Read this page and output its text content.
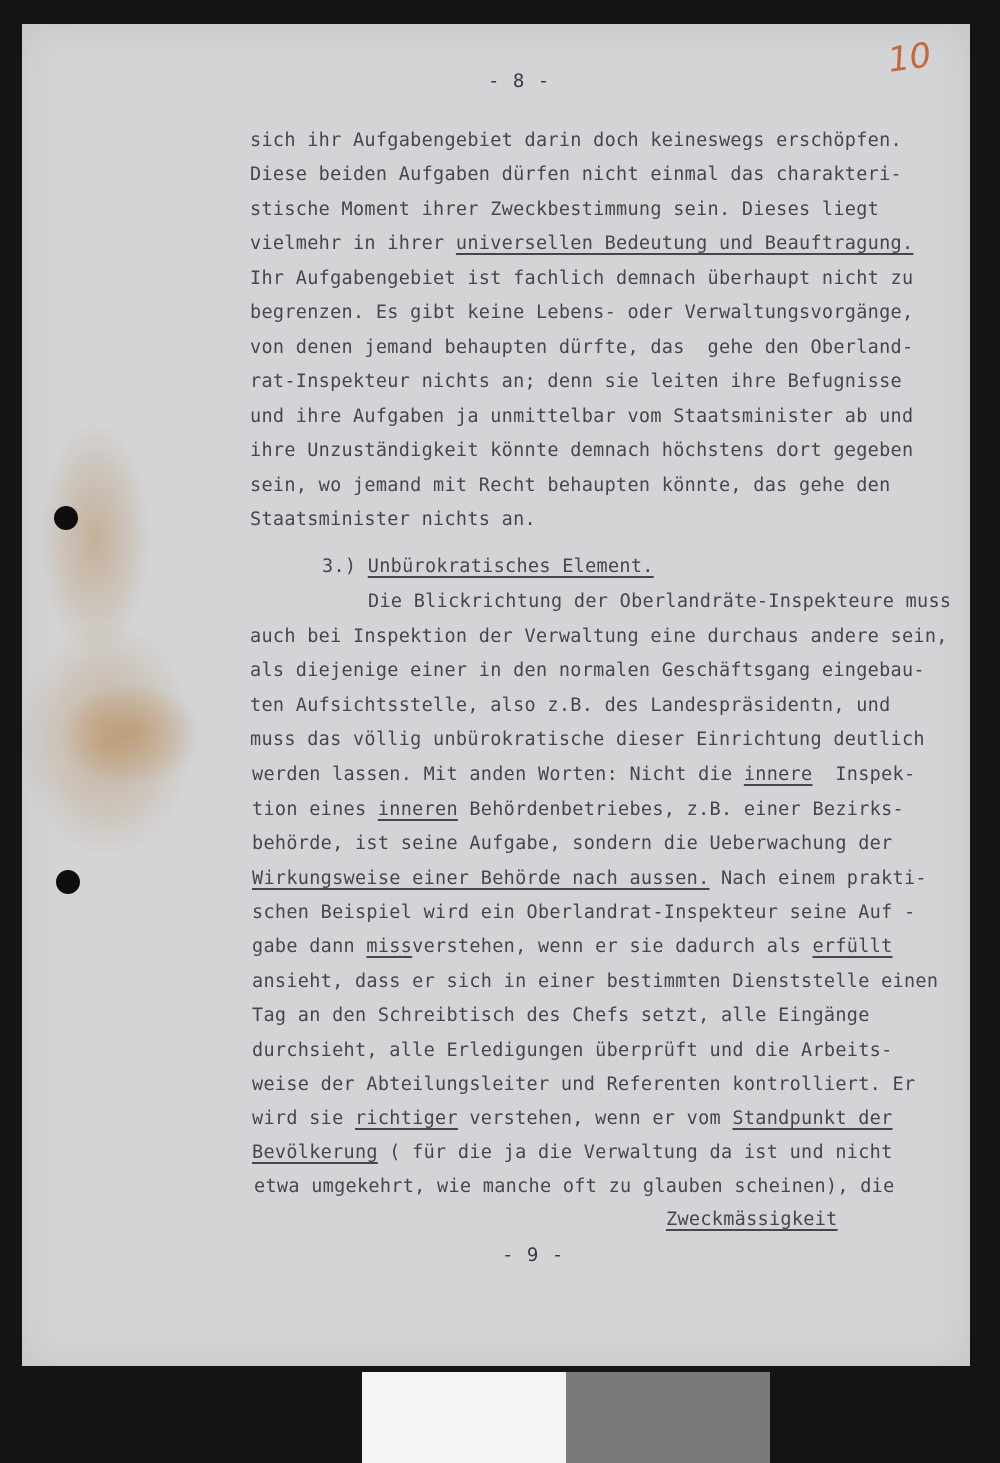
10
- 8 -
- 9 -
sich ihr Aufgabengebiet darin doch keineswegs erschöpfen.
Diese beiden Aufgaben dürfen nicht einmal das charakteri-
stische Moment ihrer Zweckbestimmung sein. Dieses liegt
vielmehr in ihrer universellen Bedeutung und Beauftragung.
Ihr Aufgabengebiet ist fachlich demnach überhaupt nicht zu
begrenzen. Es gibt keine Lebens- oder Verwaltungsvorgänge,
von denen jemand behaupten dürfte, das  gehe den Oberland-
rat-Inspekteur nichts an; denn sie leiten ihre Befugnisse
und ihre Aufgaben ja unmittelbar vom Staatsminister ab und
ihre Unzuständigkeit könnte demnach höchstens dort gegeben
sein, wo jemand mit Recht behaupten könnte, das gehe den
Staatsminister nichts an.
3.) Unbürokratisches Element.
Die Blickrichtung der Oberlandräte-Inspekteure muss
auch bei Inspektion der Verwaltung eine durchaus andere sein,
als diejenige einer in den normalen Geschäftsgang eingebau-
ten Aufsichtsstelle, also z.B. des Landespräsidentn, und
muss das völlig unbürokratische dieser Einrichtung deutlich
werden lassen. Mit anden Worten: Nicht die innere  Inspek-
tion eines inneren Behördenbetriebes, z.B. einer Bezirks-
behörde, ist seine Aufgabe, sondern die Ueberwachung der
Wirkungsweise einer Behörde nach aussen. Nach einem prakti-
schen Beispiel wird ein Oberlandrat-Inspekteur seine Auf -
gabe dann missverstehen, wenn er sie dadurch als erfüllt
ansieht, dass er sich in einer bestimmten Dienststelle einen
Tag an den Schreibtisch des Chefs setzt, alle Eingänge
durchsieht, alle Erledigungen überprüft und die Arbeits-
weise der Abteilungsleiter und Referenten kontrolliert. Er
wird sie richtiger verstehen, wenn er vom Standpunkt der
Bevölkerung ( für die ja die Verwaltung da ist und nicht
etwa umgekehrt, wie manche oft zu glauben scheinen), die
Zweckmässigkeit
